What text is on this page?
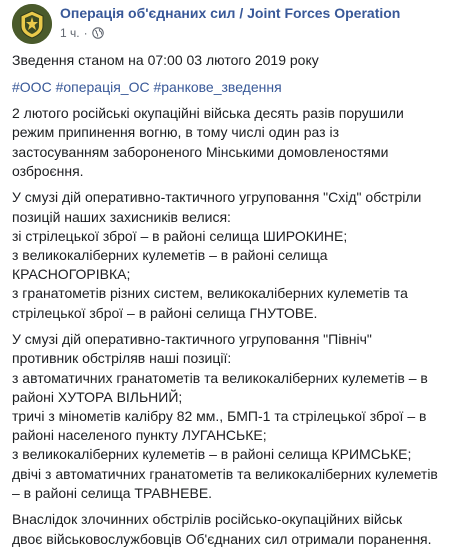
Операція об'єднаних сил / Joint Forces Operation
1 ч. ·

Зведення станом на 07:00 03 лютого 2019 року

#ООС #операція_ОС #ранкове_зведення

2 лютого російські окупаційні війська десять разів порушили
режим припинення вогню, в тому числі один раз із
застосуванням забороненого Мінськими домовленостями
озброєння.

У смузі дій оперативно-тактичного угруповання "Схід" обстріли
позицій наших захисників велися:
зі стрілецької зброї – в районі селища ШИРОКИНЕ;
з великокаліберних кулеметів – в районі селища
КРАСНОГОРІВКА;
з гранатометів різних систем, великокаліберних кулеметів та
стрілецької зброї – в районі селища ГНУТОВЕ.

У смузі дій оперативно-тактичного угруповання "Північ"
противник обстріляв наші позиції:
з автоматичних гранатометів та великокаліберних кулеметів – в
районі ХУТОРА ВІЛЬНИЙ;
тричі з мінометів калібру 82 мм., БМП-1 та стрілецької зброї – в
районі населеного пункту ЛУГАНСЬКЕ;
з великокаліберних кулеметів – в районі селища КРИМСЬКЕ;
двічі з автоматичних гранатометів та великокаліберних кулеметів
– в районі селища ТРАВНЕВЕ.

Внаслідок злочинних обстрілів російсько-окупаційних військ
двоє військовослужбовців Об'єднаних сил отримали поранення.
